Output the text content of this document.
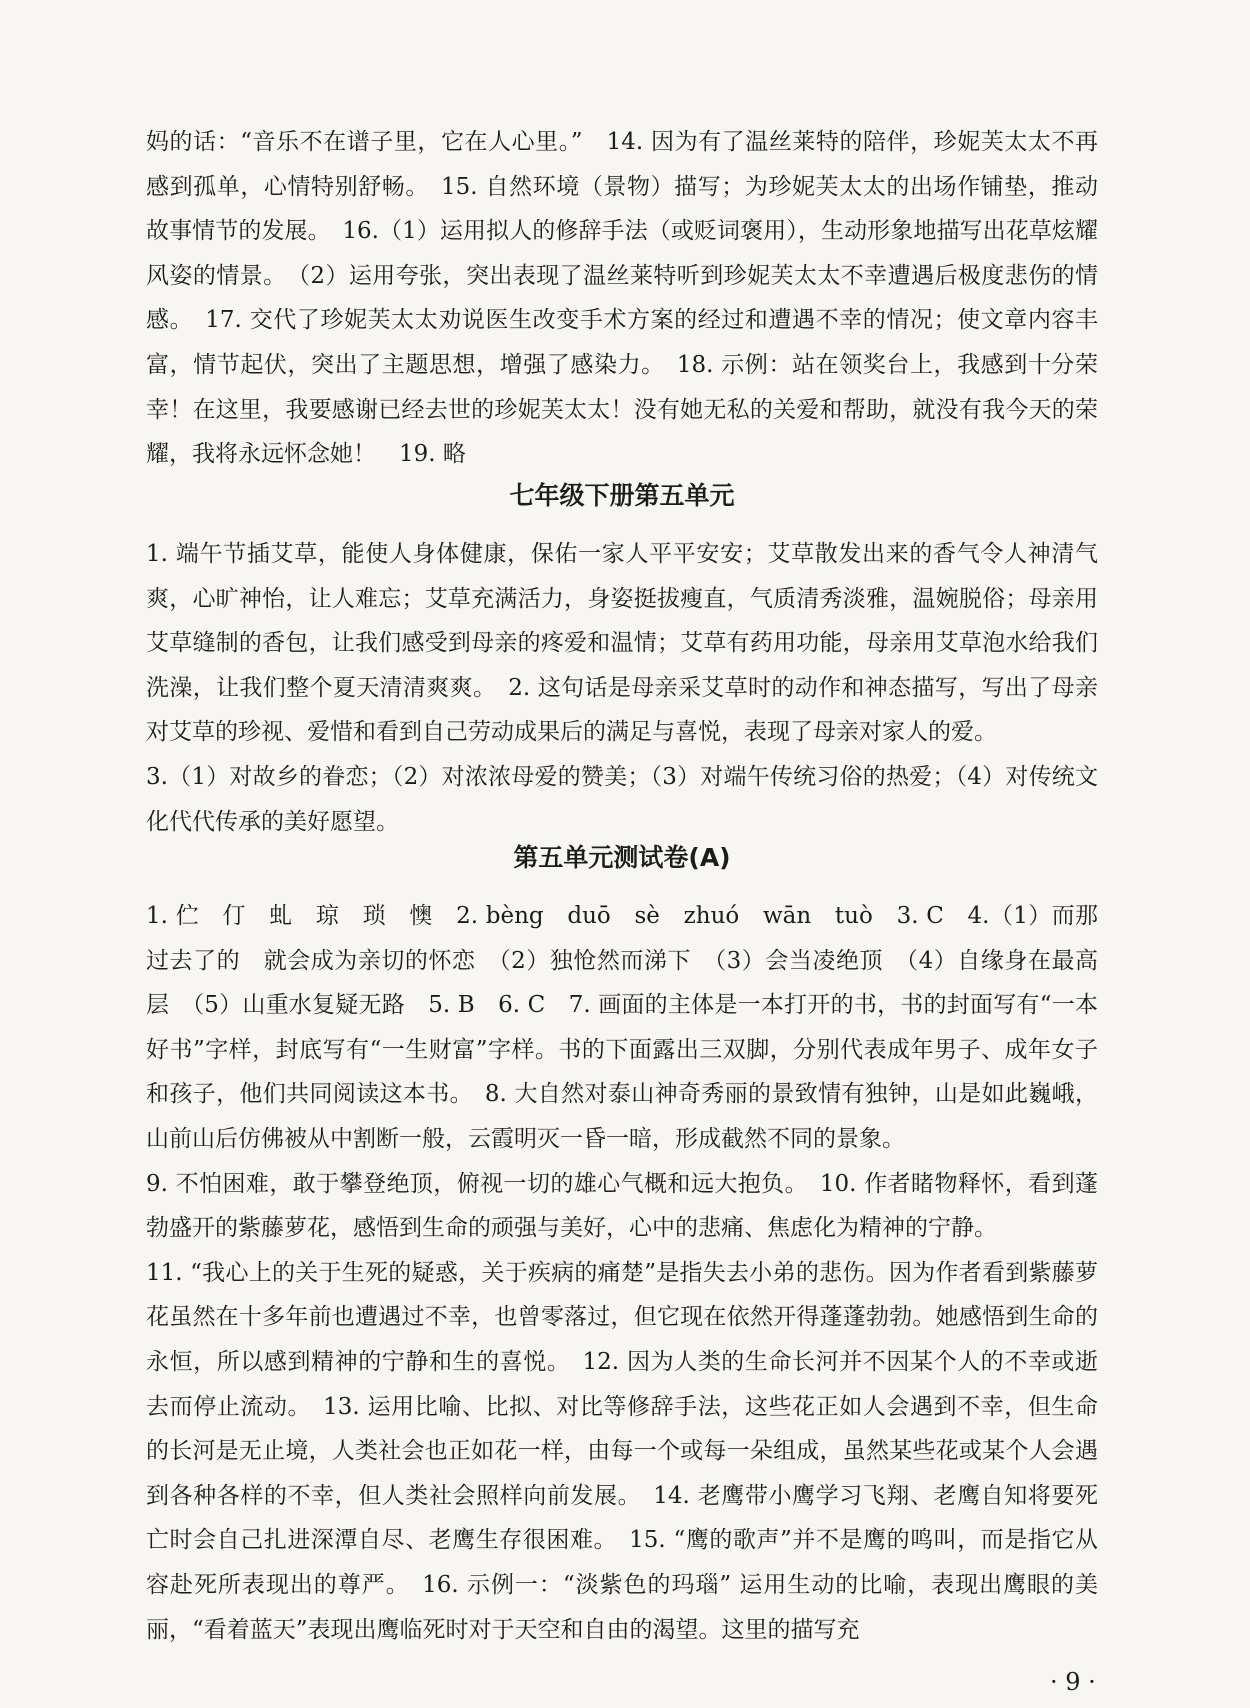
妈的话：“音乐不在谱子里，它在人心里。”　14. 因为有了温丝莱特的陪伴，珍妮芙太太不再感到孤单，心情特别舒畅。　15. 自然环境（景物）描写；为珍妮芙太太的出场作铺垫，推动故事情节的发展。　16.（1）运用拟人的修辞手法（或贬词褒用），生动形象地描写出花草炫耀风姿的情景。　（2）运用夸张，突出表现了温丝莱特听到珍妮芙太太不幸遭遇后极度悲伤的情感。　17. 交代了珍妮芙太太劝说医生改变手术方案的经过和遭遇不幸的情况；使文章内容丰富，情节起伏，突出了主题思想，增强了感染力。　18. 示例：站在领奖台上，我感到十分荣幸！在这里，我要感谢已经去世的珍妮芙太太！没有她无私的关爱和帮助，就没有我今天的荣耀，我将永远怀念她！　19. 略

七年级下册第五单元

1. 端午节插艾草，能使人身体健康，保佑一家人平平安安；艾草散发出来的香气令人神清气爽，心旷神怡，让人难忘；艾草充满活力，身姿挺拔瘦直，气质清秀淡雅，温婉脱俗；母亲用艾草缝制的香包，让我们感受到母亲的疼爱和温情；艾草有药用功能，母亲用艾草泡水给我们洗澡，让我们整个夏天清清爽爽。　2. 这句话是母亲采艾草时的动作和神态描写，写出了母亲对艾草的珍视、爱惜和看到自己劳动成果后的满足与喜悦，表现了母亲对家人的爱。

3.（1）对故乡的眷恋；（2）对浓浓母爱的赞美；（3）对端午传统习俗的热爱；（4）对传统文化代代传承的美好愿望。

第五单元测试卷(A)

1. 伫　仃　虬　琼　琐　懊　2. bèng　duō　sè　zhuó　wān　tuò　3. C　4.（1）而那过去了的　就会成为亲切的怀恋　（2）独怆然而涕下　（3）会当凌绝顶　（4）自缘身在最高层　（5）山重水复疑无路　5. B　6. C　7. 画面的主体是一本打开的书，书的封面写有“一本好书”字样，封底写有“一生财富”字样。书的下面露出三双脚，分别代表成年男子、成年女子和孩子，他们共同阅读这本书。　8. 大自然对泰山神奇秀丽的景致情有独钟，山是如此巍峨，山前山后仿佛被从中割断一般，云霞明灭一昏一暗，形成截然不同的景象。

9. 不怕困难，敢于攀登绝顶，俯视一切的雄心气概和远大抱负。　10. 作者睹物释怀，看到蓬勃盛开的紫藤萝花，感悟到生命的顽强与美好，心中的悲痛、焦虑化为精神的宁静。

11. “我心上的关于生死的疑惑，关于疾病的痛楚”是指失去小弟的悲伤。因为作者看到紫藤萝花虽然在十多年前也遭遇过不幸，也曾零落过，但它现在依然开得蓬蓬勃勃。她感悟到生命的永恒，所以感到精神的宁静和生的喜悦。　12. 因为人类的生命长河并不因某个人的不幸或逝去而停止流动。　13. 运用比喻、比拟、对比等修辞手法，这些花正如人会遇到不幸，但生命的长河是无止境，人类社会也正如花一样，由每一个或每一朵组成，虽然某些花或某个人会遇到各种各样的不幸，但人类社会照样向前发展。　14. 老鹰带小鹰学习飞翔、老鹰自知将要死亡时会自己扎进深潭自尽、老鹰生存很困难。　15. “鹰的歌声”并不是鹰的鸣叫，而是指它从容赴死所表现出的尊严。　16. 示例一：“淡紫色的玛瑙” 运用生动的比喻，表现出鹰眼的美丽，“看着蓝天”表现出鹰临死时对于天空和自由的渴望。这里的描写充

· 9 ·
